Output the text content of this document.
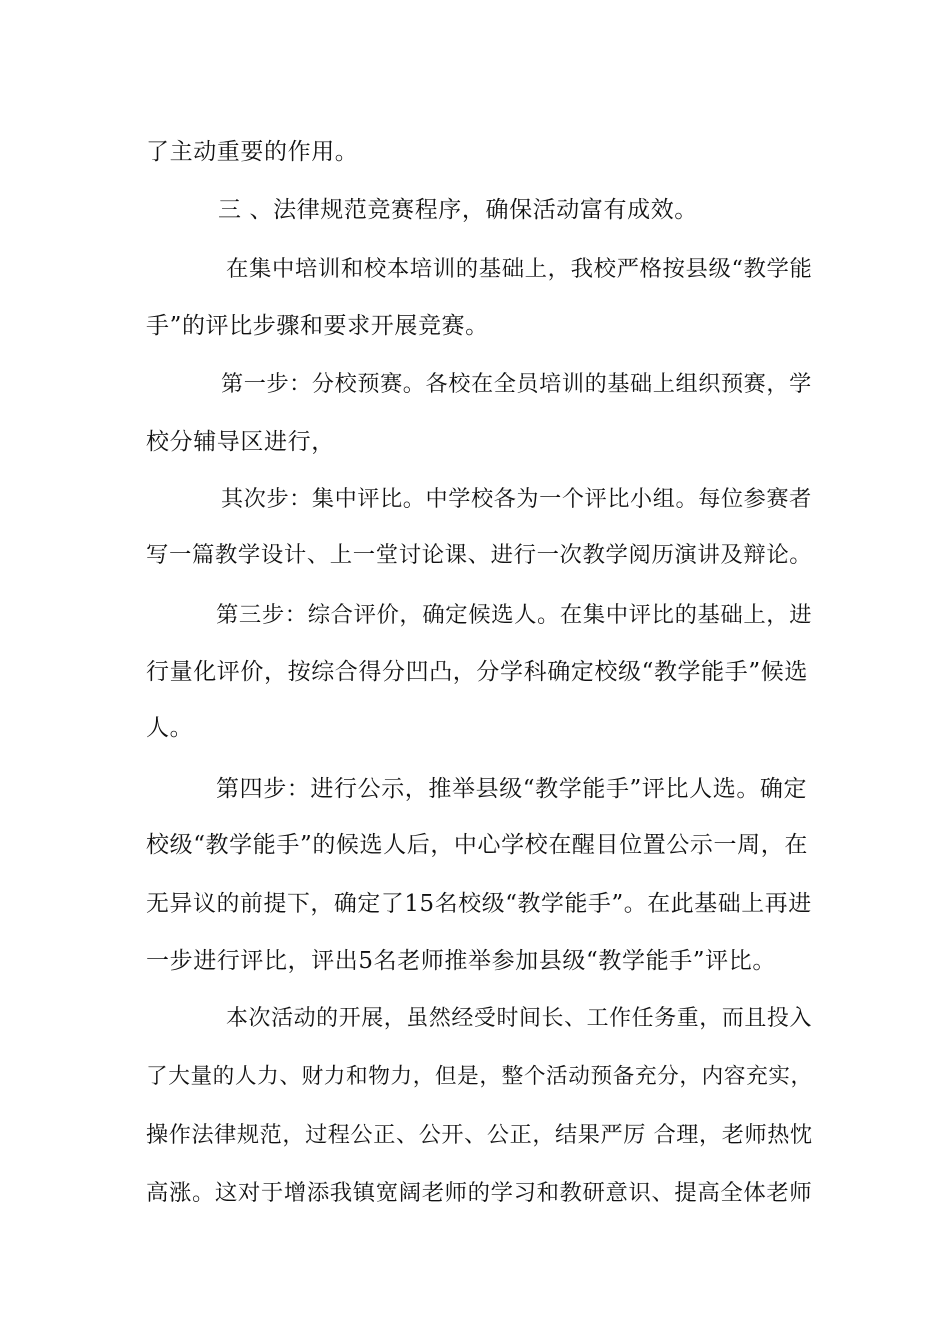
了主动重要的作用。
三 、法律规范竞赛程序，确保活动富有成效。
在集中培训和校本培训的基础上，我校严格按县级“教学能
手”的评比步骤和要求开展竞赛。
第一步：分校预赛。各校在全员培训的基础上组织预赛，学
校分辅导区进行，
其次步：集中评比。中学校各为一个评比小组。每位参赛者
写一篇教学设计、上一堂讨论课、进行一次教学阅历演讲及辩论。
第三步：综合评价，确定候选人。在集中评比的基础上，进
行量化评价，按综合得分凹凸，分学科确定校级“教学能手”候选
人。
第四步：进行公示，推举县级“教学能手”评比人选。确定
校级“教学能手”的候选人后，中心学校在醒目位置公示一周，在
无异议的前提下，确定了15名校级“教学能手”。在此基础上再进
一步进行评比，评出5名老师推举参加县级“教学能手”评比。
本次活动的开展，虽然经受时间长、工作任务重，而且投入
了大量的人力、财力和物力，但是，整个活动预备充分，内容充实，
操作法律规范，过程公正、公开、公正，结果严厉 合理，老师热忱
高涨。这对于增添我镇宽阔老师的学习和教研意识、提高全体老师
